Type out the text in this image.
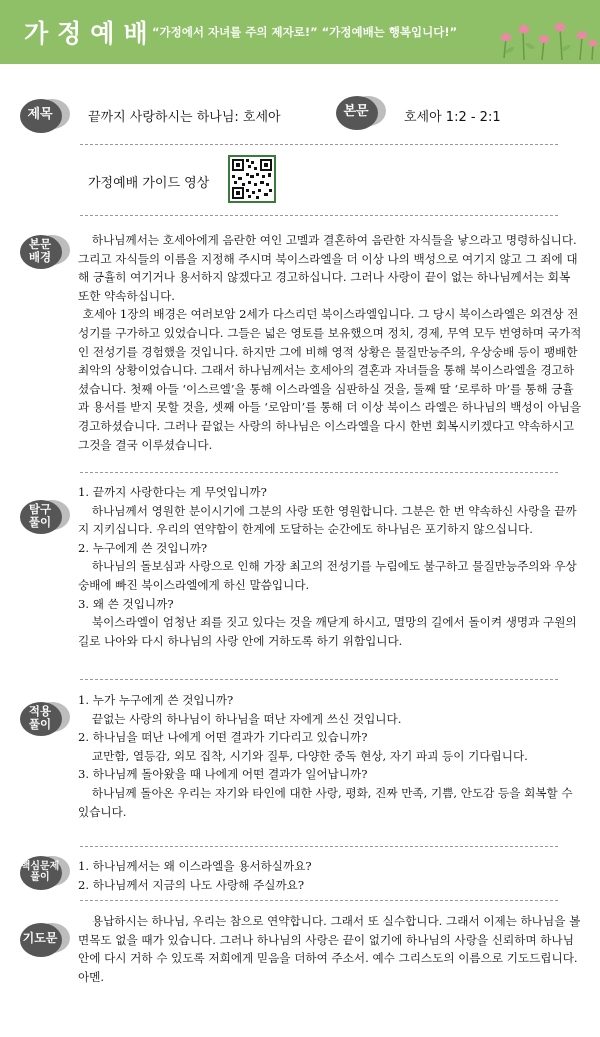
가정예배
“가정에서 자녀를 주의 제자로!” “가정예배는 행복입니다!”
제목	끝까지 사랑하시는 하나님: 호세아	본문	호세아 1:2 - 2:1
가정예배 가이드 영상
본문
배경

하나님께서는 호세아에게 음란한 여인 고멜과 결혼하여 음란한 자식들을 낳으라고 명령하십니다. 그리고 자식들의 이름을 지정해 주시며 북이스라엘을 더 이상 나의 백성으로 여기지 않고 그 죄에 대해 긍휼히 여기거나 용서하지 않겠다고 경고하십니다. 그러나 사랑이 끝이 없는 하나님께서는 회복 또한 약속하십니다.

호세아 1장의 배경은 여러보암 2세가 다스리던 북이스라엘입니다. 그 당시 북이스라엘은 외견상 전성기를 구가하고 있었습니다. 그들은 넓은 영토를 보유했으며 정치, 경제, 무역 모두 번영하며 국가적인 전성기를 경험했을 것입니다. 하지만 그에 비해 영적 상황은 물질만능주의, 우상숭배 등이 팽배한 최악의 상황이었습니다. 그래서 하나님께서는 호세아의 결혼과 자녀들을 통해 북이스라엘을 경고하셨습니다. 첫째 아들 ‘이스르엘’을 통해 이스라엘을 심판하실 것을, 둘째 딸 ‘로루하 마’를 통해 긍휼과 용서를 받지 못할 것을, 셋째 아들 ‘로암미’를 통해 더 이상 북이스 라엘은 하나님의 백성이 아님을 경고하셨습니다. 그러나 끝없는 사랑의 하나님은 이스라엘을 다시 한번 회복시키겠다고 약속하시고 그것을 결국 이루셨습니다.

탐구
풀이

1. 끝까지 사랑한다는 게 무엇입니까?

하나님께서 영원한 분이시기에 그분의 사랑 또한 영원합니다. 그분은 한 번 약속하신 사랑을 끝까지 지키십니다. 우리의 연약함이 한계에 도달하는 순간에도 하나님은 포기하지 않으십니다.

2. 누구에게 쓴 것입니까?

하나님의 돌보심과 사랑으로 인해 가장 최고의 전성기를 누림에도 불구하고 물질만능주의와 우상숭배에 빠진 북이스라엘에게 하신 말씀입니다.

3. 왜 쓴 것입니까?

북이스라엘이 엄청난 죄를 짓고 있다는 것을 깨닫게 하시고, 멸망의 길에서 돌이켜 생명과 구원의 길로 나아와 다시 하나님의 사랑 안에 거하도록 하기 위함입니다.

적용
풀이

1. 누가 누구에게 쓴 것입니까?

끝없는 사랑의 하나님이 하나님을 떠난 자에게 쓰신 것입니다.

2. 하나님을 떠난 나에게 어떤 결과가 기다리고 있습니까?

교만함, 열등감, 외모 집착, 시기와 질투, 다양한 중독 현상, 자기 파괴 등이 기다립니다.

3. 하나님께 돌아왔을 때 나에게 어떤 결과가 일어납니까?

하나님께 돌아온 우리는 자기와 타인에 대한 사랑, 평화, 진짜 만족, 기쁨, 안도감 등을 회복할 수 있습니다.

핵심문제
풀이

1. 하나님께서는 왜 이스라엘을 용서하실까요?

2. 하나님께서 지금의 나도 사랑해 주실까요?

기도문

용납하시는 하나님, 우리는 참으로 연약합니다. 그래서 또 실수합니다. 그래서 이제는 하나님을 볼 면목도 없을 때가 있습니다. 그러나 하나님의 사랑은 끝이 없기에 하나님의 사랑을 신뢰하며 하나님 안에 다시 거하 수 있도록 저희에게 믿음을 더하여 주소서. 예수 그리스도의 이름으로 기도드립니다. 아멘.
